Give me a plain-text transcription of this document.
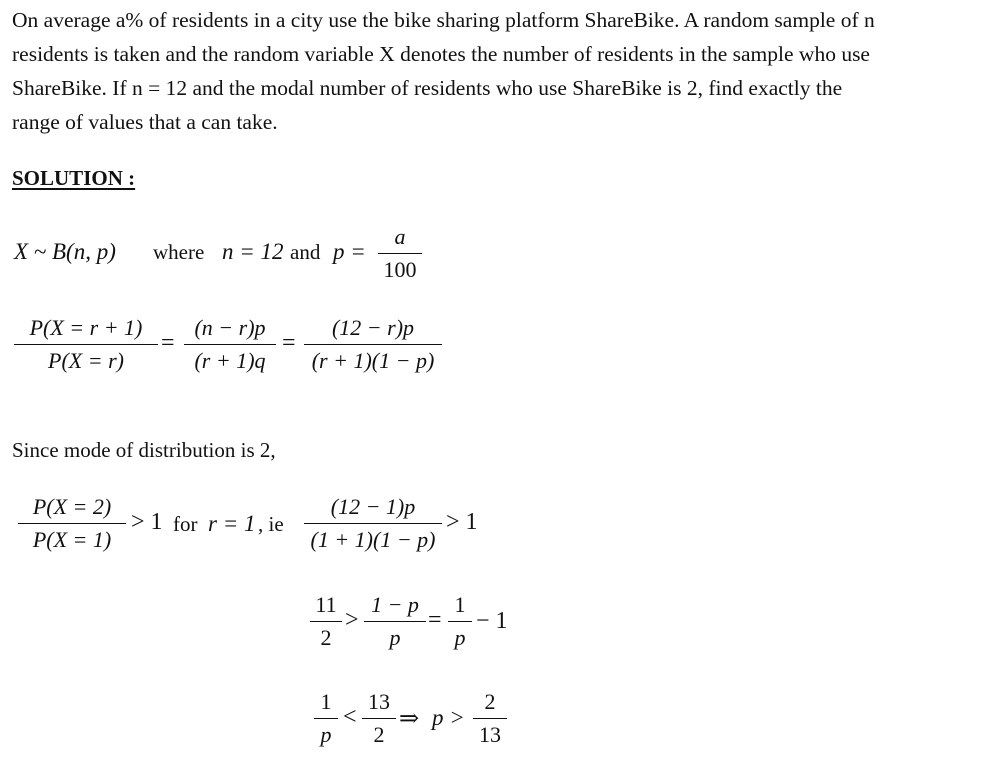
On average a% of residents in a city use the bike sharing platform ShareBike. A random sample of n
residents is taken and the random variable X denotes the number of residents in the sample who use
ShareBike. If n = 12 and the modal number of residents who use ShareBike is 2, find exactly the
range of values that a can take.
SOLUTION :
X ~ B(n, p) where n = 12 and p =
a
100
P(X = r + 1)
P(X = r)
=
(n − r)p
(r + 1)q
=
(12 − r)p
(r + 1)(1 − p)
Since mode of distribution is 2,
P(X = 2)
P(X = 1)
> 1 for r = 1 , ie
(12 − 1)p
(1 + 1)(1 − p)
> 1
11
2
>
1 − p
p
=
1
p
− 1
1
p
<
13
2
⇒ p >
2
13
